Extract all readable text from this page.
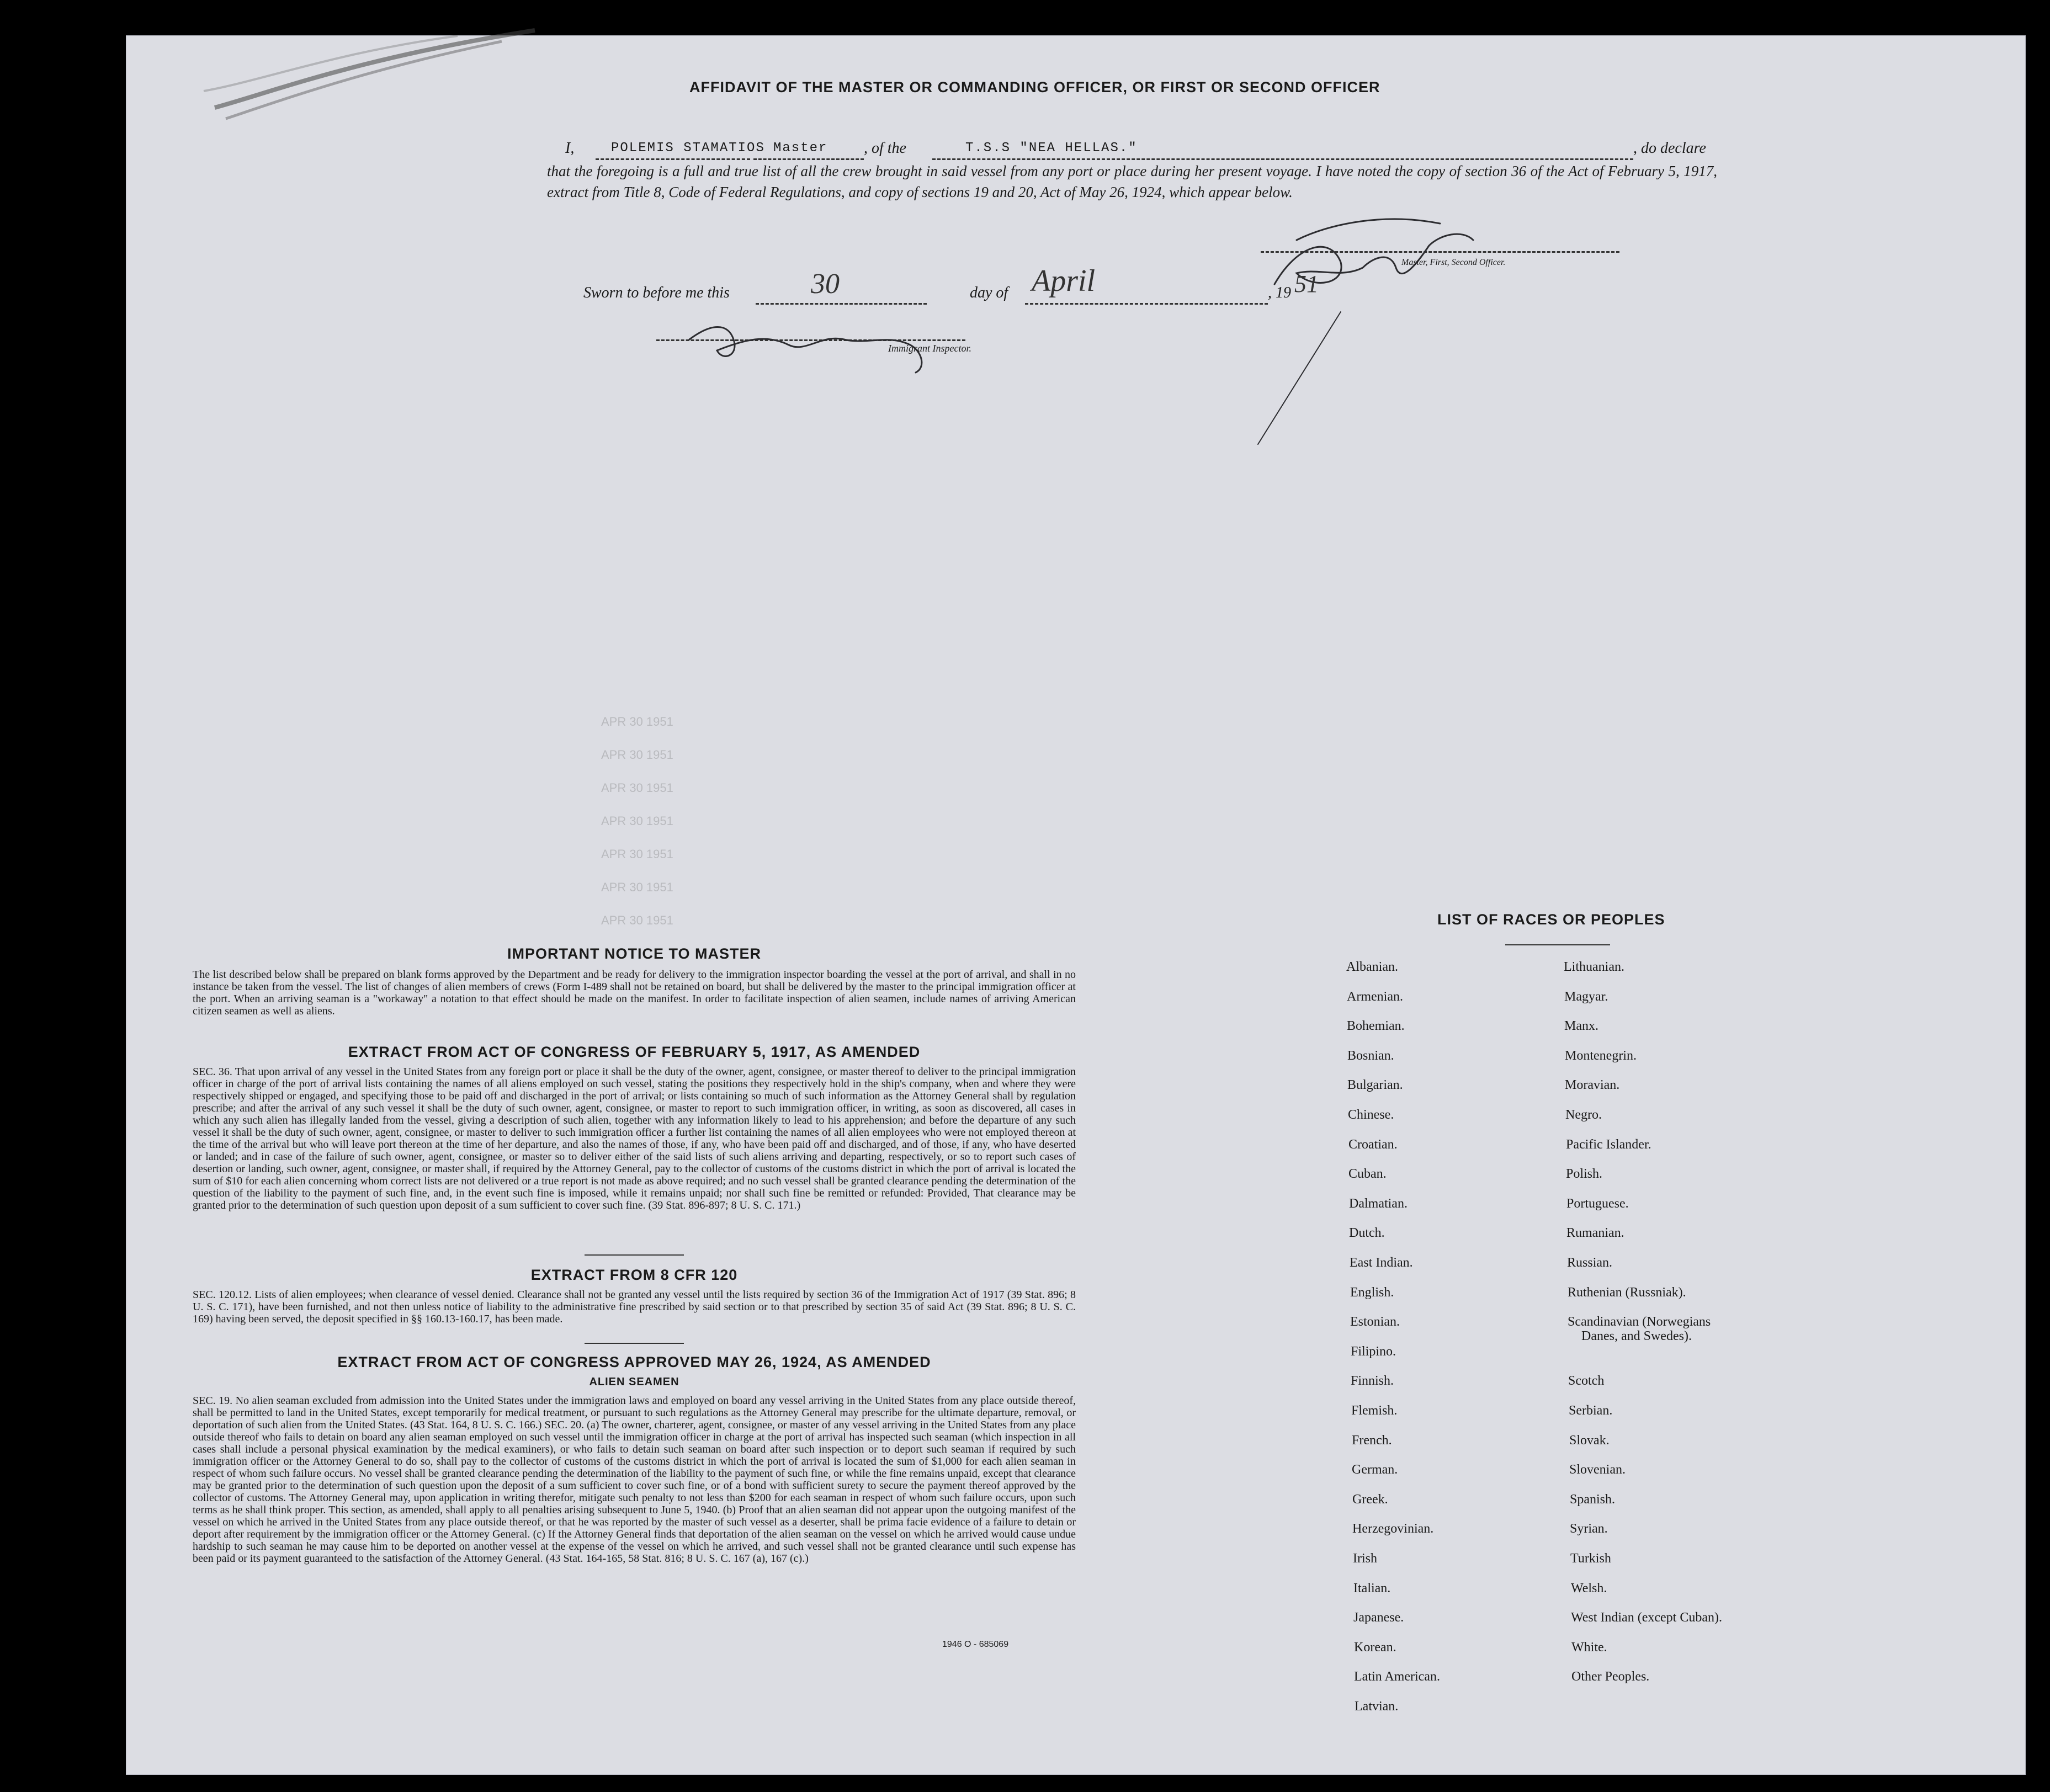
AFFIDAVIT OF THE MASTER OR COMMANDING OFFICER, OR FIRST OR SECOND OFFICER
I,	POLEMIS STAMATIOS Master , of the	T.S.S "NEA HELLAS."	, do declare
that the foregoing is a full and true list of all the crew brought in said vessel from any port or place during her present voyage. I have noted the copy of section 36 of the Act of February 5, 1917, extract from Title 8, Code of Federal Regulations, and copy of sections 19 and 20, Act of May 26, 1924, which appear below.
Master, First, Second Officer.
Sworn to before me this	30	day of April	, 19 51
Immigrant Inspector.
APR 30 1951
APR 30 1951
APR 30 1951
APR 30 1951
APR 30 1951
APR 30 1951
APR 30 1951
IMPORTANT NOTICE TO MASTER
The list described below shall be prepared on blank forms approved by the Department and be ready for delivery to the immigration inspector boarding the vessel at the port of arrival, and shall in no instance be taken from the vessel. The list of changes of alien members of crews (Form I-489 shall not be retained on board, but shall be delivered by the master to the principal immigration officer at the port. When an arriving seaman is a "workaway" a notation to that effect should be made on the manifest. In order to facilitate inspection of alien seamen, include names of arriving American citizen seamen as well as aliens.
EXTRACT FROM ACT OF CONGRESS OF FEBRUARY 5, 1917, AS AMENDED
SEC. 36. That upon arrival of any vessel in the United States from any foreign port or place it shall be the duty of the owner, agent, consignee, or master thereof to deliver to the principal immigration officer in charge of the port of arrival lists containing the names of all aliens employed on such vessel, stating the positions they respectively hold in the ship's company, when and where they were respectively shipped or engaged, and specifying those to be paid off and discharged in the port of arrival; or lists containing so much of such information as the Attorney General shall by regulation prescribe; and after the arrival of any such vessel it shall be the duty of such owner, agent, consignee, or master to report to such immigration officer, in writing, as soon as discovered, all cases in which any such alien has illegally landed from the vessel, giving a description of such alien, together with any information likely to lead to his apprehension; and before the departure of any such vessel it shall be the duty of such owner, agent, consignee, or master to deliver to such immigration officer a further list containing the names of all alien employees who were not employed thereon at the time of the arrival but who will leave port thereon at the time of her departure, and also the names of those, if any, who have been paid off and discharged, and of those, if any, who have deserted or landed; and in case of the failure of such owner, agent, consignee, or master so to deliver either of the said lists of such aliens arriving and departing, respectively, or so to report such cases of desertion or landing, such owner, agent, consignee, or master shall, if required by the Attorney General, pay to the collector of customs of the customs district in which the port of arrival is located the sum of $10 for each alien concerning whom correct lists are not delivered or a true report is not made as above required; and no such vessel shall be granted clearance pending the determination of the question of the liability to the payment of such fine, and, in the event such fine is imposed, while it remains unpaid; nor shall such fine be remitted or refunded: Provided, That clearance may be granted prior to the determination of such question upon deposit of a sum sufficient to cover such fine. (39 Stat. 896-897; 8 U. S. C. 171.)
EXTRACT FROM 8 CFR 120
SEC. 120.12. Lists of alien employees; when clearance of vessel denied. Clearance shall not be granted any vessel until the lists required by section 36 of the Immigration Act of 1917 (39 Stat. 896; 8 U. S. C. 171), have been furnished, and not then unless notice of liability to the administrative fine prescribed by said section or to that prescribed by section 35 of said Act (39 Stat. 896; 8 U. S. C. 169) having been served, the deposit specified in §§ 160.13-160.17, has been made.
EXTRACT FROM ACT OF CONGRESS APPROVED MAY 26, 1924, AS AMENDED
ALIEN SEAMEN
SEC. 19. No alien seaman excluded from admission into the United States under the immigration laws and employed on board any vessel arriving in the United States from any place outside thereof, shall be permitted to land in the United States, except temporarily for medical treatment, or pursuant to such regulations as the Attorney General may prescribe for the ultimate departure, removal, or deportation of such alien from the United States. (43 Stat. 164, 8 U. S. C. 166.) SEC. 20. (a) The owner, charterer, agent, consignee, or master of any vessel arriving in the United States from any place outside thereof who fails to detain on board any alien seaman employed on such vessel until the immigration officer in charge at the port of arrival has inspected such seaman (which inspection in all cases shall include a personal physical examination by the medical examiners), or who fails to detain such seaman on board after such inspection or to deport such seaman if required by such immigration officer or the Attorney General to do so, shall pay to the collector of customs of the customs district in which the port of arrival is located the sum of $1,000 for each alien seaman in respect of whom such failure occurs. No vessel shall be granted clearance pending the determination of the liability to the payment of such fine, or while the fine remains unpaid, except that clearance may be granted prior to the determination of such question upon the deposit of a sum sufficient to cover such fine, or of a bond with sufficient surety to secure the payment thereof approved by the collector of customs. The Attorney General may, upon application in writing therefor, mitigate such penalty to not less than $200 for each seaman in respect of whom such failure occurs, upon such terms as he shall think proper. This section, as amended, shall apply to all penalties arising subsequent to June 5, 1940. (b) Proof that an alien seaman did not appear upon the outgoing manifest of the vessel on which he arrived in the United States from any place outside thereof, or that he was reported by the master of such vessel as a deserter, shall be prima facie evidence of a failure to detain or deport after requirement by the immigration officer or the Attorney General. (c) If the Attorney General finds that deportation of the alien seaman on the vessel on which he arrived would cause undue hardship to such seaman he may cause him to be deported on another vessel at the expense of the vessel on which he arrived, and such vessel shall not be granted clearance until such expense has been paid or its payment guaranteed to the satisfaction of the Attorney General. (43 Stat. 164-165, 58 Stat. 816; 8 U. S. C. 167 (a), 167 (c).)
1946 O - 685069
LIST OF RACES OR PEOPLES
Albanian.
Armenian.
Bohemian.
Bosnian.
Bulgarian.
Chinese.
Croatian.
Cuban.
Dalmatian.
Dutch.
East Indian.
English.
Estonian.
Filipino.
Finnish.
Flemish.
French.
German.
Greek.
Herzegovinian.
Irish
Italian.
Japanese.
Korean.
Latin American.
Latvian.
Lithuanian.
Magyar.
Manx.
Montenegrin.
Moravian.
Negro.
Pacific Islander.
Polish.
Portuguese.
Rumanian.
Russian.
Ruthenian (Russniak).
Scandinavian (Norwegians
Danes, and Swedes).
Scotch
Serbian.
Slovak.
Slovenian.
Spanish.
Syrian.
Turkish
Welsh.
West Indian (except Cuban).
White.
Other Peoples.
